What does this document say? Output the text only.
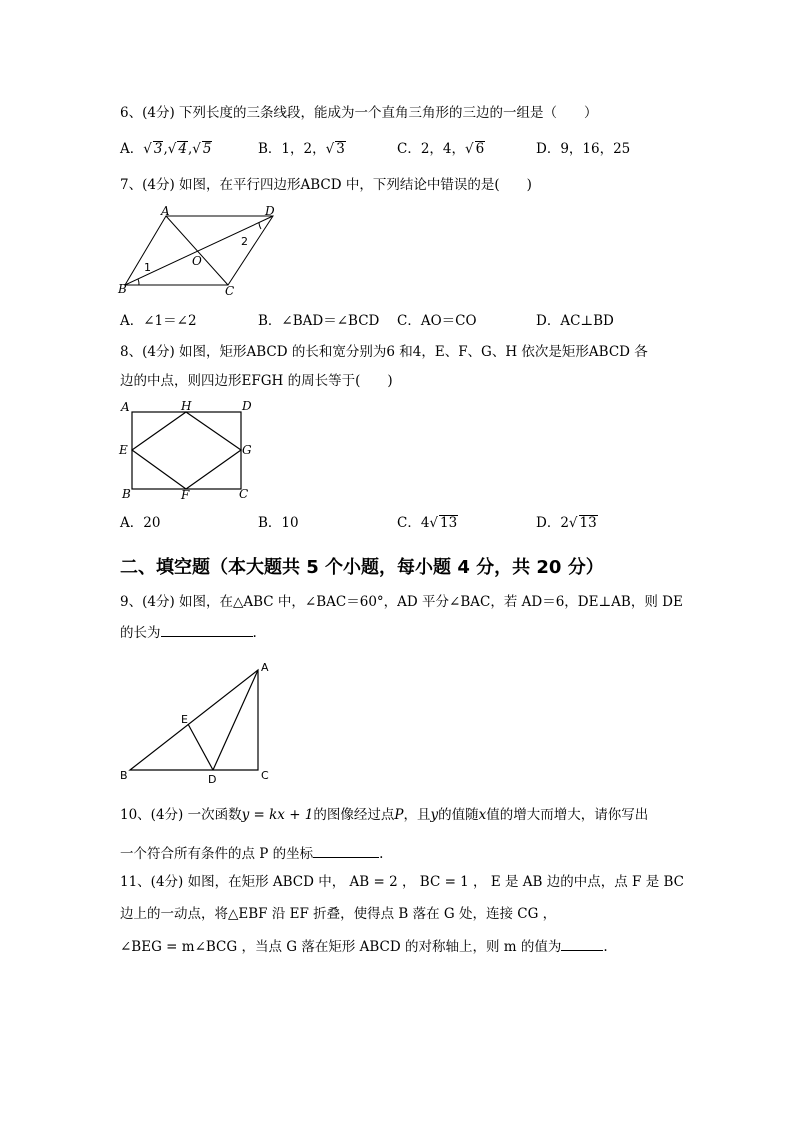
6、(4分) 下列长度的三条线段，能成为一个直角三角形的三边的一组是（　　）
A．√ 3,√ 4,√ 5	B．1，2，√ 3	C．2，4，√ 6	D．9，16，25
7、(4分) 如图，在平行四边形ABCD 中，下列结论中错误的是(　　)
A	D
B	C
O
1
2
A．∠1＝∠2	B．∠BAD＝∠BCD C．AO＝CO	D．AC⊥BD
8、(4分) 如图，矩形ABCD 的长和宽分别为6 和4，E、F、G、H 依次是矩形ABCD 各
边的中点，则四边形EFGH 的周长等于(　　)
A	H	D
E	G
B	F	C
A．20	B．10	C．4√ 13	D．2√ 13
二、填空题（本大题共 5 个小题，每小题 4 分，共 20 分）
9、(4分) 如图，在△ABC 中，∠BAC＝60°，AD 平分∠BAC，若 AD＝6，DE⊥AB，则 DE
的长为	.
A
E
B	D	C
10、(4分) 一次函数y = kx + 1的图像经过点P，且y的值随x值的增大而增大，请你写出
一个符合所有条件的点 P 的坐标	.
11、(4分) 如图，在矩形 ABCD 中， AB = 2 ， BC = 1 ， E 是 AB 边的中点，点 F 是 BC
边上的一动点，将△EBF 沿 EF 折叠，使得点 B 落在 G 处，连接 CG ，
∠BEG = m∠BCG ，当点 G 落在矩形 ABCD 的对称轴上，则 m 的值为	.
